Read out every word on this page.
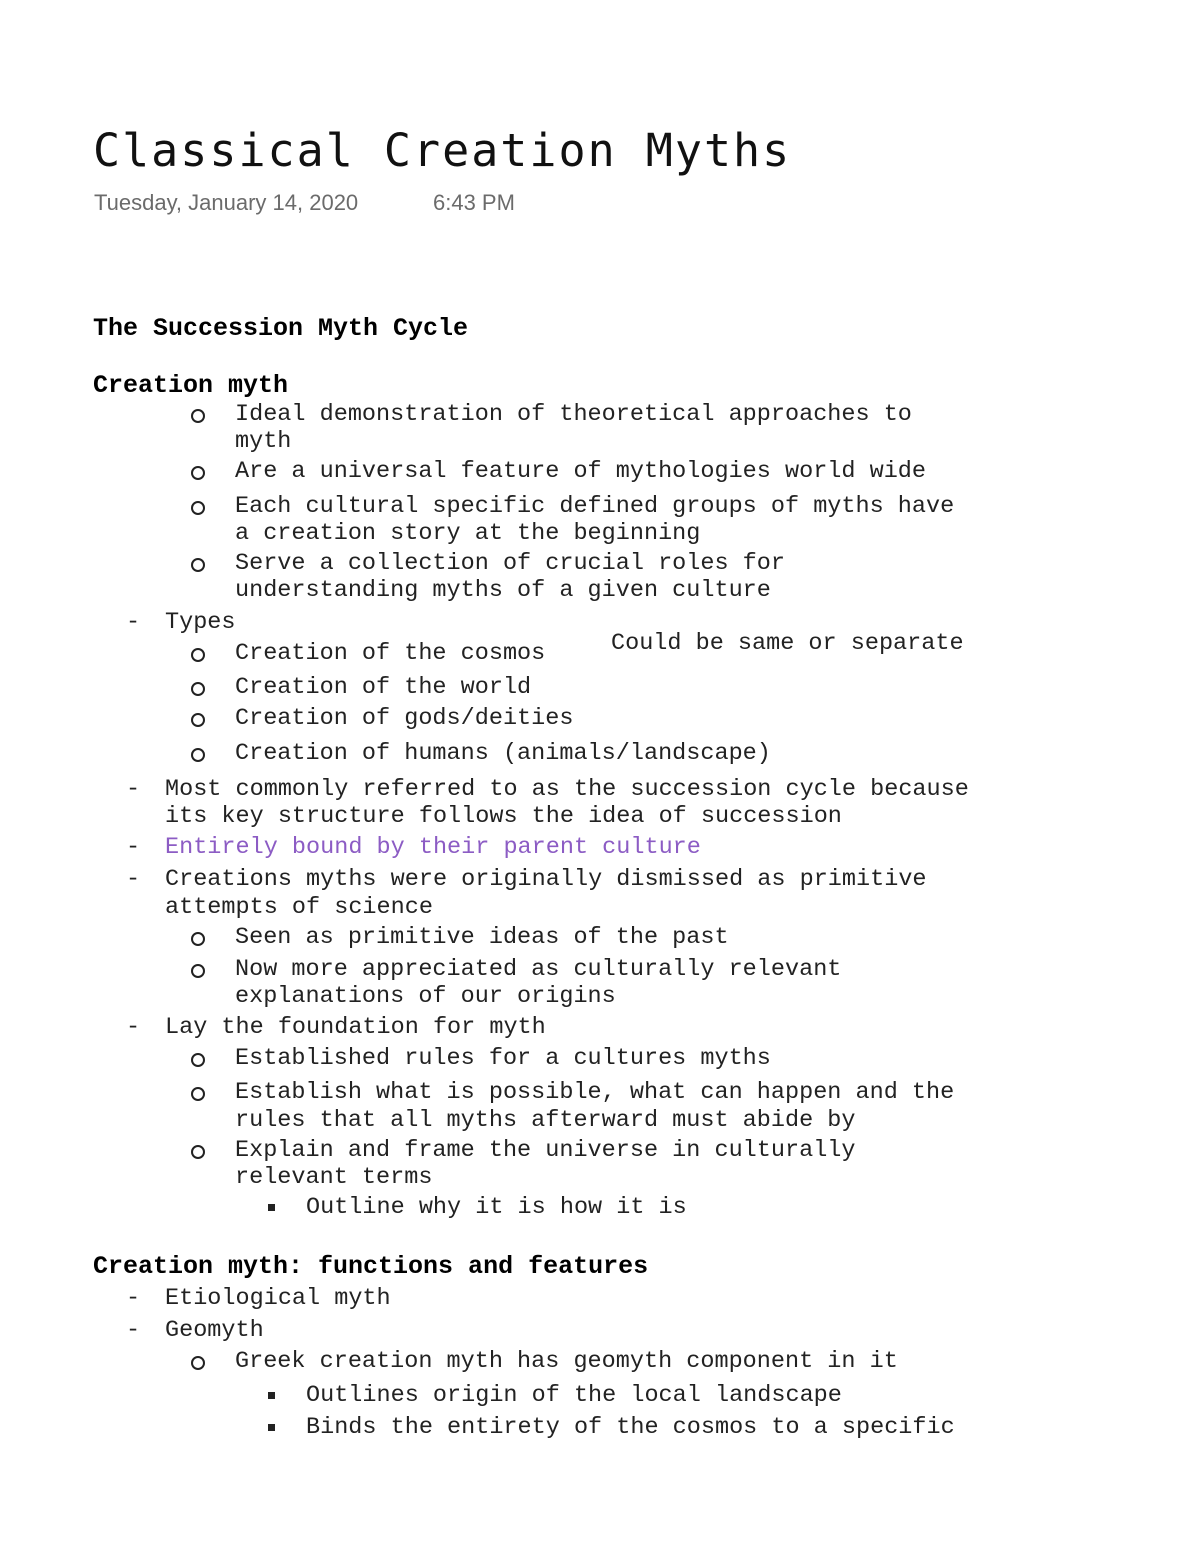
Classical Creation Myths
Tuesday, January 14, 2020	6:43 PM
The Succession Myth Cycle
Creation myth
Ideal demonstration of theoretical approaches to
myth
Are a universal feature of mythologies world wide
Each cultural specific defined groups of myths have
a creation story at the beginning
Serve a collection of crucial roles for
understanding myths of a given culture
- Types
Creation of the cosmos
Creation of the world
Creation of gods/deities
Creation of humans (animals/landscape)
Could be same or separate
- Most commonly referred to as the succession cycle because
its key structure follows the idea of succession
- Entirely bound by their parent culture
- Creations myths were originally dismissed as primitive
attempts of science
Seen as primitive ideas of the past
Now more appreciated as culturally relevant
explanations of our origins
- Lay the foundation for myth
Established rules for a cultures myths
Establish what is possible, what can happen and the
rules that all myths afterward must abide by
Explain and frame the universe in culturally
relevant terms
Outline why it is how it is
Creation myth: functions and features
- Etiological myth
- Geomyth
Greek creation myth has geomyth component in it
Outlines origin of the local landscape
Binds the entirety of the cosmos to a specific
